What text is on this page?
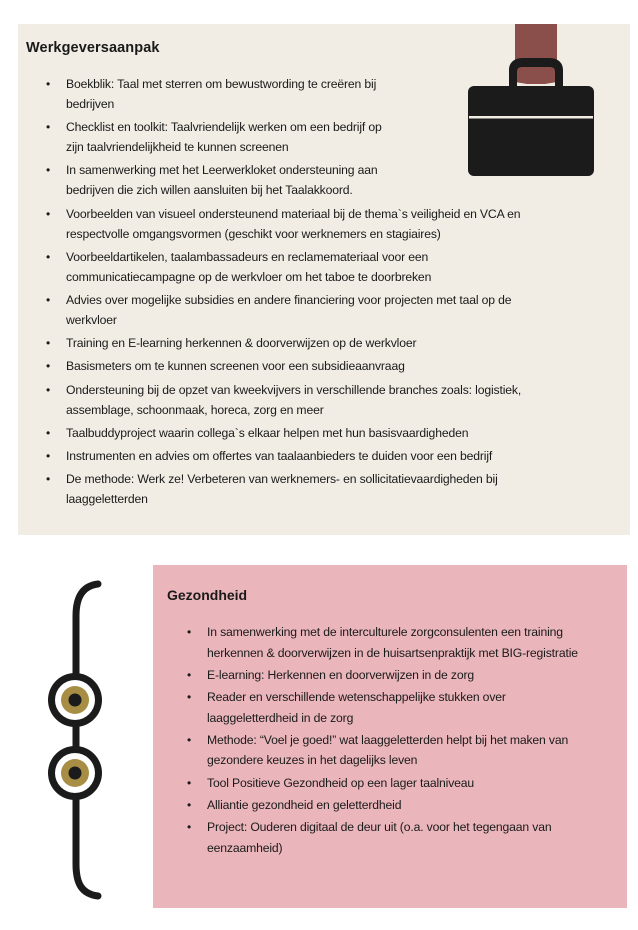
Werkgeversaanpak
• Boekblik: Taal met sterren om bewustwording te creëren bij
bedrijven
• Checklist en toolkit: Taalvriendelijk werken om een bedrijf op
zijn taalvriendelijkheid te kunnen screenen
• In samenwerking met het Leerwerkloket ondersteuning aan
bedrijven die zich willen aansluiten bij het Taalakkoord.
• Voorbeelden van visueel ondersteunend materiaal bij de thema`s veiligheid en VCA en
respectvolle omgangsvormen (geschikt voor werknemers en stagiaires)
• Voorbeeldartikelen, taalambassadeurs en reclamemateriaal voor een
communicatiecampagne op de werkvloer om het taboe te doorbreken
• Advies over mogelijke subsidies en andere financiering voor projecten met taal op de
werkvloer
• Training en E-learning herkennen & doorverwijzen op de werkvloer
• Basismeters om te kunnen screenen voor een subsidieaanvraag
• Ondersteuning bij de opzet van kweekvijvers in verschillende branches zoals: logistiek,
assemblage, schoonmaak, horeca, zorg en meer
• Taalbuddyproject waarin collega`s elkaar helpen met hun basisvaardigheden
• Instrumenten en advies om offertes van taalaanbieders te duiden voor een bedrijf
• De methode: Werk ze! Verbeteren van werknemers- en sollicitatievaardigheden bij
laaggeletterden
Gezondheid
• In samenwerking met de interculturele zorgconsulenten een training
herkennen & doorverwijzen in de huisartsenpraktijk met BIG-registratie
• E-learning: Herkennen en doorverwijzen in de zorg
• Reader en verschillende wetenschappelijke stukken over
laaggeletterdheid in de zorg
• Methode: “Voel je goed!” wat laaggeletterden helpt bij het maken van
gezondere keuzes in het dagelijks leven
• Tool Positieve Gezondheid op een lager taalniveau
• Alliantie gezondheid en geletterdheid
• Project: Ouderen digitaal de deur uit (o.a. voor het tegengaan van
eenzaamheid)
